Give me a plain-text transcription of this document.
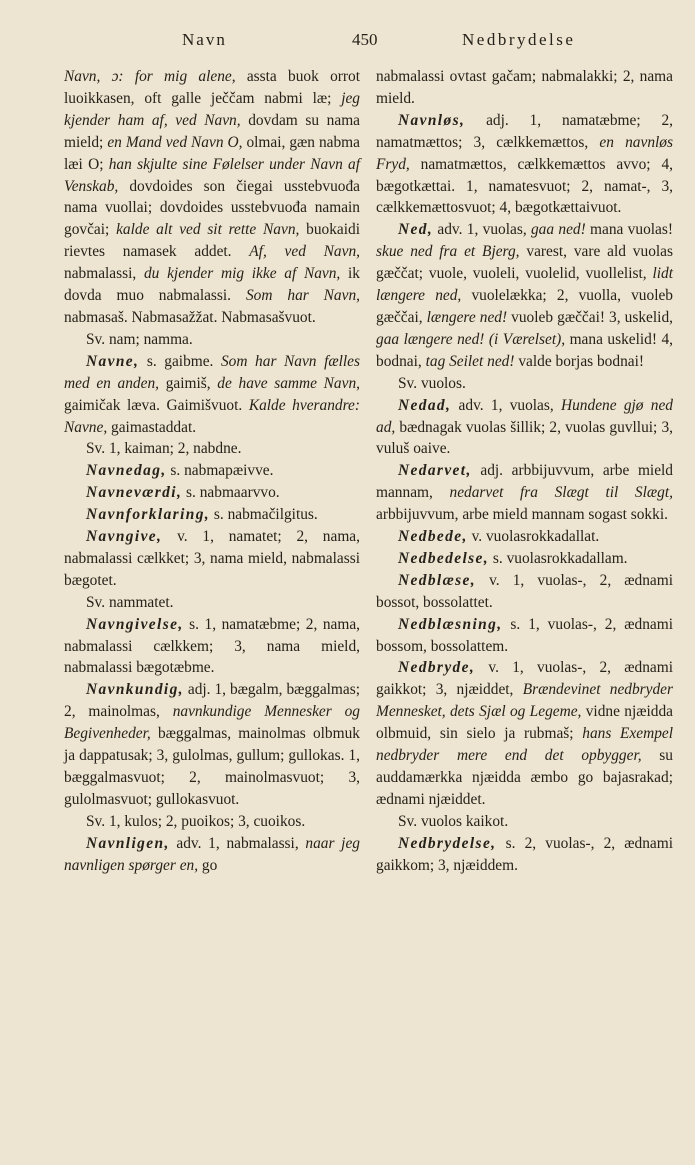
Navn	450	Nedbrydelse

Navn, ɔ: for mig alene, assta buok orrot luoikkasen, oft galle ječčam nabmi læ; jeg kjender ham af, ved Navn, dovdam su nama mield; en Mand ved Navn O, olmai, gæn nabma læi O; han skjulte sine Følelser under Navn af Venskab, dovdoides son čiegai usstebvuođa nama vuollai; dovdoides usstebvuođa namain govčai; kalde alt ved sit rette Navn, buokaidi rievtes namasek addet. Af, ved Navn, nabmalassi, du kjender mig ikke af Navn, ik dovda muo nabmalassi. Som har Navn, nabmasaš. Nabmasažžat. Nabmasašvuot.

Sv. nam; namma.

Navne, s. gaibme. Som har Navn fælles med en anden, gaimiš, de have samme Navn, gaimičak læva. Gaimišvuot. Kalde hverandre: Navne, gaimastaddat.

Sv. 1, kaiman; 2, nabdne.

Navnedag, s. nabmapæivve.

Navneværdi, s. nabmaarvvo.

Navnforklaring, s. nabmačilgitus.

Navngive, v. 1, namatet; 2, nama, nabmalassi cælkket; 3, nama mield, nabmalassi bægotet.

Sv. nammatet.

Navngivelse, s. 1, namatæbme; 2, nama, nabmalassi cælkkem; 3, nama mield, nabmalassi bægotæbme.

Navnkundig, adj. 1, bægalm, bæggalmas; 2, mainolmas, navnkundige Mennesker og Begivenheder, bæggalmas, mainolmas olbmuk ja dappatusak; 3, gulolmas, gullum; gullokas. 1, bæggalmasvuot; 2, mainolmasvuot; 3, gulolmasvuot; gullokasvuot.

Sv. 1, kulos; 2, puoikos; 3, cuoikos.

Navnligen, adv. 1, nabmalassi, naar jeg navnligen spørger en, go

nabmalassi ovtast gačam; nabmalakki; 2, nama mield.

Navnløs, adj. 1, namatæbme; 2, namatmættos; 3, cælkkemættos, en navnløs Fryd, namatmættos, cælkkemættos avvo; 4, bægotkættai. 1, namatesvuot; 2, namat-, 3, cælkkemættosvuot; 4, bægotkættaivuot.

Ned, adv. 1, vuolas, gaa ned! mana vuolas! skue ned fra et Bjerg, varest, vare ald vuolas gæččat; vuole, vuoleli, vuolelid, vuollelist, lidt længere ned, vuolelækka; 2, vuolla, vuoleb gæččai, længere ned! vuoleb gæččai! 3, uskelid, gaa længere ned! (i Værelset), mana uskelid! 4, bodnai, tag Seilet ned! valde borjas bodnai!

Sv. vuolos.

Nedad, adv. 1, vuolas, Hundene gjø ned ad, bædnagak vuolas šillik; 2, vuolas guvllui; 3, vuluš oaive.

Nedarvet, adj. arbbijuvvum, arbe mield mannam, nedarvet fra Slægt til Slægt, arbbijuvvum, arbe mield mannam sogast sokki.

Nedbede, v. vuolasrokkadallat.

Nedbedelse, s. vuolasrokkadallam.

Nedblæse, v. 1, vuolas-, 2, ædnami bossot, bossolattet.

Nedblæsning, s. 1, vuolas-, 2, ædnami bossom, bossolattem.

Nedbryde, v. 1, vuolas-, 2, ædnami gaikkot; 3, njæiddet, Brændevinet nedbryder Mennesket, dets Sjæl og Legeme, vidne njæidda olbmuid, sin sielo ja rubmaš; hans Exempel nedbryder mere end det opbygger, su auddamærkka njæidda æmbo go bajasrakad; ædnami njæiddet.

Sv. vuolos kaikot.

Nedbrydelse, s. 2, vuolas-, 2, ædnami gaikkom; 3, njæiddem.
